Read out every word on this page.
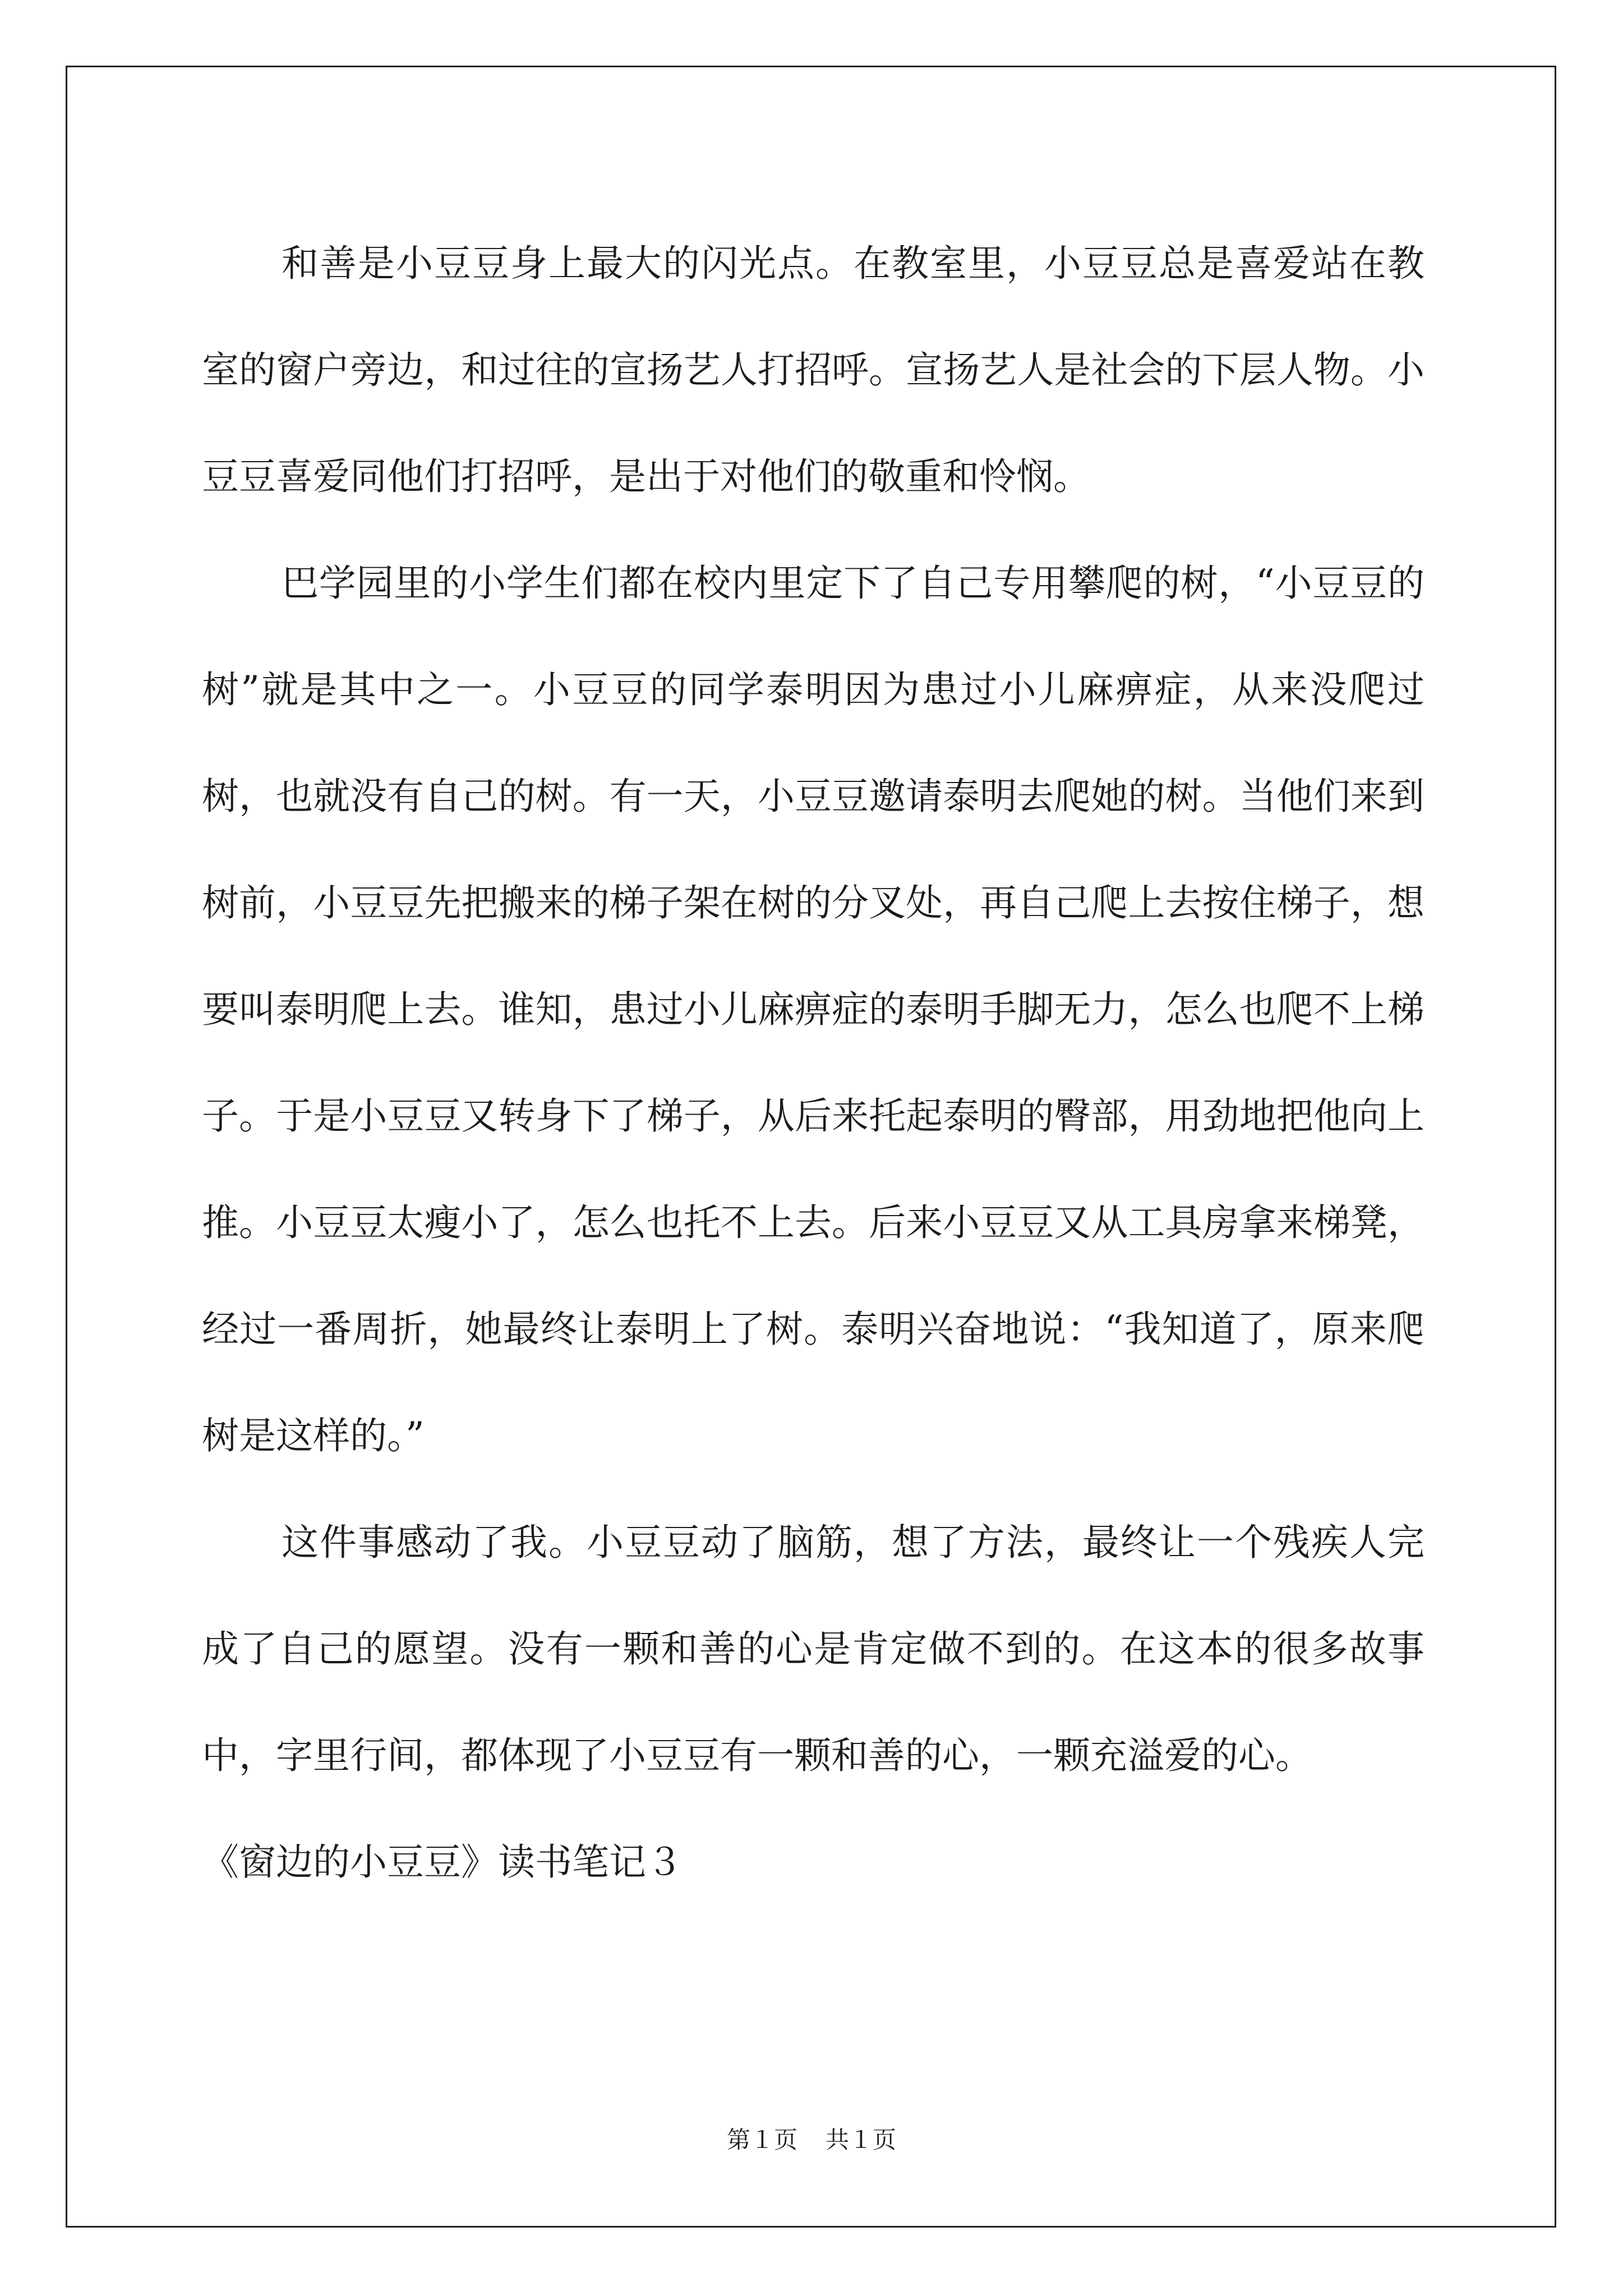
和善是小豆豆身上最大的闪光点。在教室里，小豆豆总是喜爱站在教室的窗户旁边，和过往的宣扬艺人打招呼。宣扬艺人是社会的下层人物。小豆豆喜爱同他们打招呼，是出于对他们的敬重和怜悯。

巴学园里的小学生们都在校内里定下了自己专用攀爬的树，“小豆豆的树”就是其中之一。小豆豆的同学泰明因为患过小儿麻痹症，从来没爬过树，也就没有自己的树。有一天，小豆豆邀请泰明去爬她的树。当他们来到树前，小豆豆先把搬来的梯子架在树的分叉处，再自己爬上去按住梯子，想要叫泰明爬上去。谁知，患过小儿麻痹症的泰明手脚无力，怎么也爬不上梯子。于是小豆豆又转身下了梯子，从后来托起泰明的臀部，用劲地把他向上推。小豆豆太瘦小了，怎么也托不上去。后来小豆豆又从工具房拿来梯凳，经过一番周折，她最终让泰明上了树。泰明兴奋地说：“我知道了，原来爬树是这样的。”

这件事感动了我。小豆豆动了脑筋，想了方法，最终让一个残疾人完成了自己的愿望。没有一颗和善的心是肯定做不到的。在这本的很多故事中，字里行间，都体现了小豆豆有一颗和善的心，一颗充溢爱的心。

《窗边的小豆豆》读书笔记３

第１页 共１页
